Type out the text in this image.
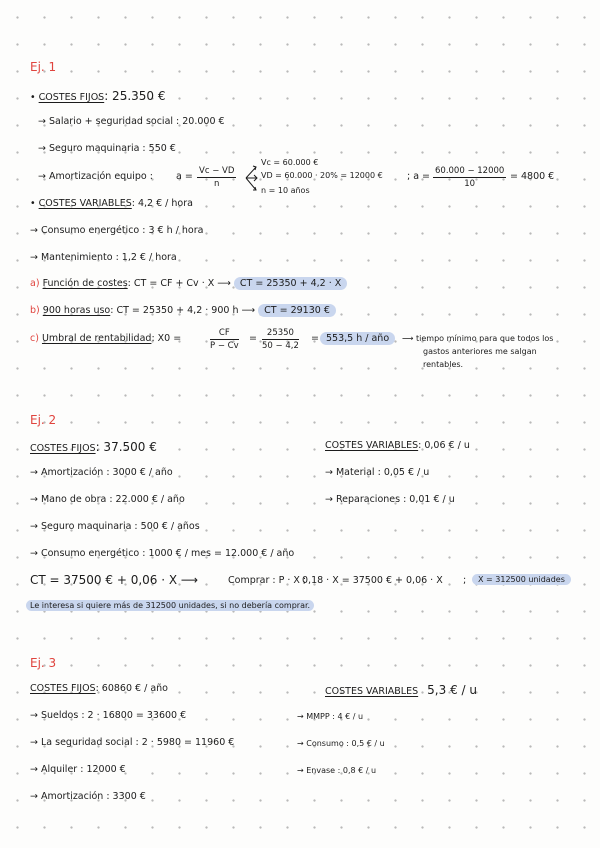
Ej. 1
• COSTES FIJOS: 25.350 €
→ Salario + seguridad social : 20.000 €
→ Seguro maquinaria : 550 €
→ Amortización equipo : $a = \frac{Vc - VD}{n}$
Vc = 60.000 €
VD = 60.000 · 20% = 12000 €
n = 10 años
; $a = \frac{60.000 - 12000}{10} = 4800$ €
• COSTES VARIABLES: 4,2 € / hora
→ Consumo energético : 3 € h / hora
→ Mantenimiento : 1,2 € / hora
a) Función de costes: CT = CF + Cv · X ⟶ CT = 25350 + 4,2 · X
b) 900 horas uso: CT = 25350 + 4,2 · 900 h ⟶ CT = 29130 €
c) Umbral de rentabilidad: X0 =	$\frac{CF}{P - Cv} = \frac{25350}{50 - 4,2} = 553,5$ h / año	⟶ tiempo mínimo para que todos los
gastos anteriores me salgan
rentables.
Ej. 2
COSTES FIJOS: 37.500 €	COSTES VARIABLES: 0,06 € / u
→ Amortización : 3000 € / año	→ Material : 0,05 € / u
→ Mano de obra : 22.000 € / año	→ Reparaciones : 0,01 € / u
→ Seguro maquinaria : 500 € / años
→ Consumo energético : 1000 € / mes = 12.000 € / año
CT = 37500 € + 0,06 · X ⟶	Comprar : P · X ;
0,18 · X = 37500 € + 0,06 · X ;	X = 312500 unidades
Le interesa si quiere más de 312500 unidades, si no debería comprar.
Ej. 3
COSTES FIJOS: 60860 € / año	COSTES VARIABLES 5,3 € / u
→ Sueldos : 2 · 16800 = 33600 €	→ MMPP : 4 € / u
→ La seguridad social : 2 · 5980 = 11960 €	→ Consumo : 0,5 € / u
→ Alquiler : 12000 €	→ Envase : 0,8 € / u
→ Amortización : 3300 €
